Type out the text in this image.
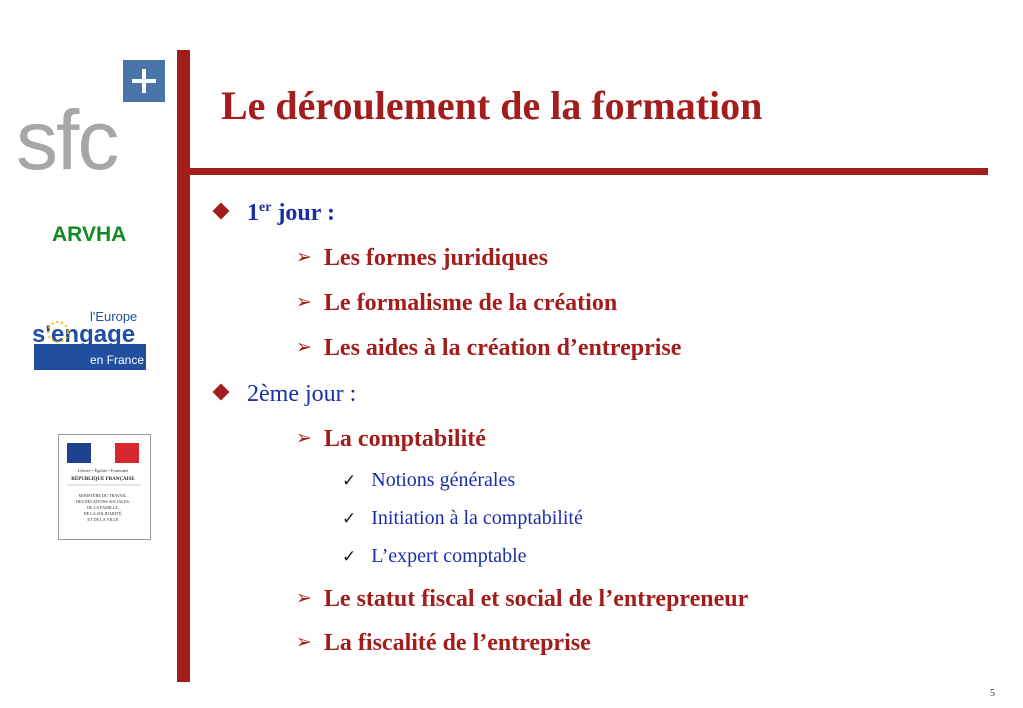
sfc
ARVHA
l'Europe
s'engage
en France
Liberté • Égalité • Fraternité
RÉPUBLIQUE FRANÇAISE
MINISTÈRE DU TRAVAIL,
DES RELATIONS SOCIALES,
DE LA FAMILLE,
DE LA SOLIDARITÉ,
ET DE LA VILLE
Le déroulement de la formation
1er jour :
➢ Les formes juridiques
➢ Le formalisme de la création
➢ Les aides à la création d’entreprise
2ème jour :
➢ La comptabilité
✓ Notions générales
✓ Initiation à la comptabilité
✓ L’expert comptable
➢ Le statut fiscal et social de l’entrepreneur
➢ La fiscalité de l’entreprise
5
